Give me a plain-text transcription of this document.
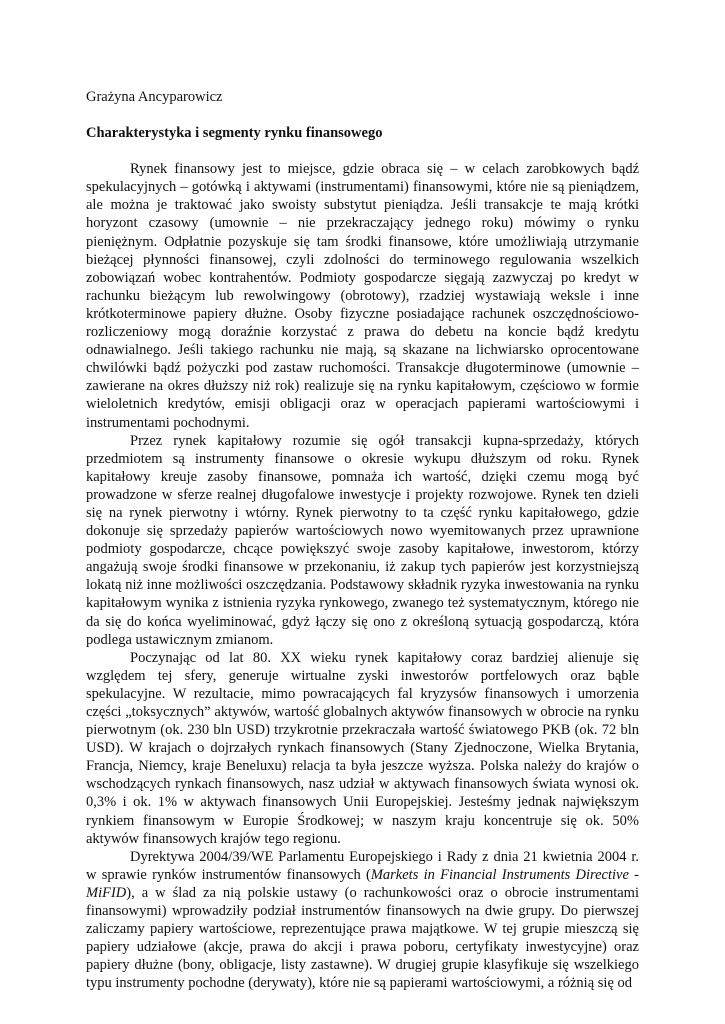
Grażyna Ancyparowicz

Charakterystyka i segmenty rynku finansowego

Rynek finansowy jest to miejsce, gdzie obraca się – w celach zarobkowych bądź spekulacyjnych – gotówką i aktywami (instrumentami) finansowymi, które nie są pieniądzem, ale można je traktować jako swoisty substytut pieniądza. Jeśli transakcje te mają krótki horyzont czasowy (umownie – nie przekraczający jednego roku) mówimy o rynku pieniężnym. Odpłatnie pozyskuje się tam środki finansowe, które umożliwiają utrzymanie bieżącej płynności finansowej, czyli zdolności do terminowego regulowania wszelkich zobowiązań wobec kontrahentów. Podmioty gospodarcze sięgają zazwyczaj po kredyt w rachunku bieżącym lub rewolwingowy (obrotowy), rzadziej wystawiają weksle i inne krótkoterminowe papiery dłużne. Osoby fizyczne posiadające rachunek oszczędnościowo-rozliczeniowy mogą doraźnie korzystać z prawa do debetu na koncie bądź kredytu odnawialnego. Jeśli takiego rachunku nie mają, są skazane na lichwiarsko oprocentowane chwilówki bądź pożyczki pod zastaw ruchomości. Transakcje długoterminowe (umownie – zawierane na okres dłuższy niż rok) realizuje się na rynku kapitałowym, częściowo w formie wieloletnich kredytów, emisji obligacji oraz w operacjach papierami wartościowymi i instrumentami pochodnymi.

Przez rynek kapitałowy rozumie się ogół transakcji kupna-sprzedaży, których przedmiotem są instrumenty finansowe o okresie wykupu dłuższym od roku. Rynek kapitałowy kreuje zasoby finansowe, pomnaża ich wartość, dzięki czemu mogą być prowadzone w sferze realnej długofalowe inwestycje i projekty rozwojowe. Rynek ten dzieli się na rynek pierwotny i wtórny. Rynek pierwotny to ta część rynku kapitałowego, gdzie dokonuje się sprzedaży papierów wartościowych nowo wyemitowanych przez uprawnione podmioty gospodarcze, chcące powiększyć swoje zasoby kapitałowe, inwestorom, którzy angażują swoje środki finansowe w przekonaniu, iż zakup tych papierów jest korzystniejszą lokatą niż inne możliwości oszczędzania. Podstawowy składnik ryzyka inwestowania na rynku kapitałowym wynika z istnienia ryzyka rynkowego, zwanego też systematycznym, którego nie da się do końca wyeliminować, gdyż łączy się ono z określoną sytuacją gospodarczą, która podlega ustawicznym zmianom.

Poczynając od lat 80. XX wieku rynek kapitałowy coraz bardziej alienuje się względem tej sfery, generuje wirtualne zyski inwestorów portfelowych oraz bąble spekulacyjne. W rezultacie, mimo powracających fal kryzysów finansowych i umorzenia części „toksycznych” aktywów, wartość globalnych aktywów finansowych w obrocie na rynku pierwotnym (ok. 230 bln USD) trzykrotnie przekraczała wartość światowego PKB (ok. 72 bln USD). W krajach o dojrzałych rynkach finansowych (Stany Zjednoczone, Wielka Brytania, Francja, Niemcy, kraje Beneluxu) relacja ta była jeszcze wyższa. Polska należy do krajów o wschodzących rynkach finansowych, nasz udział w aktywach finansowych świata wynosi ok. 0,3% i ok. 1% w aktywach finansowych Unii Europejskiej. Jesteśmy jednak największym rynkiem finansowym w Europie Środkowej; w naszym kraju koncentruje się ok. 50% aktywów finansowych krajów tego regionu.

Dyrektywa 2004/39/WE Parlamentu Europejskiego i Rady z dnia 21 kwietnia 2004 r. w sprawie rynków instrumentów finansowych (Markets in Financial Instruments Directive - MiFID), a w ślad za nią polskie ustawy (o rachunkowości oraz o obrocie instrumentami finansowymi) wprowadziły podział instrumentów finansowych na dwie grupy. Do pierwszej zaliczamy papiery wartościowe, reprezentujące prawa majątkowe. W tej grupie mieszczą się papiery udziałowe (akcje, prawa do akcji i prawa poboru, certyfikaty inwestycyjne) oraz papiery dłużne (bony, obligacje, listy zastawne). W drugiej grupie klasyfikuje się wszelkiego typu instrumenty pochodne (derywaty), które nie są papierami wartościowymi, a różnią się od
